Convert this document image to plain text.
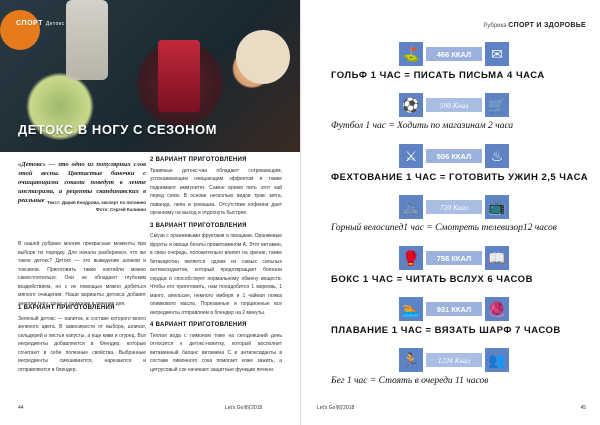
СПОРТ Детокс
ДЕТОКС В НОГУ С СЕЗОНОМ
«Детокс» — это одно из популярных слов этой весны. Цветастые баночки с очищающими соками поведут в ленте инстаграма, а рецепты скандинавских в реальные Текст: Дария Кондрова, эксперт по питанию
Фото: Сергей Калинин
В нашей рубрике многие прекрасные моменты при выборе по порядку. Для начала разберемся, что же такое детокс? Детокс — это выведение шлаков и токсинов. Приготовить такие коктейли можно самостоятельно. Они не обладают глубоким воздействием, но с их помощью можно добиться мягкого очищения. Наши варианты детокса добавят энергии телу, тонус и гармонии в течение дня.
1 ВАРИАНТ ПРИГОТОВЛЕНИЯ

Зеленый детокс — напиток, в составе которого много зеленого цвета. В зависимости от выбора, шпинат, сельдерей и листья капусты, а еще киви и огурец. Все ингредиенты добавляются в блендер, которые сочетают в себе полезные свойства. Выбранные ингредиенты смешиваются, нарезаются и отправляются в блендер.

2 ВАРИАНТ ПРИГОТОВЛЕНИЯ

Травяные детокс-чаи обладают согревающим, успокаивающим очищающим эффектом и также поднимают иммунитет. Самое время пить этот чай перед сном. В основе несколько видов трав: мята, лаванда, липа и ромашка. Отсутствие кофеина дает организму на выход и отдохнуть быстрее.

3 ВАРИАНТ ПРИГОТОВЛЕНИЯ

Смузи с оранжевыми фруктами и овощами. Оранжевые фрукты и овощи богаты провитамином А. Этот витамин, в свою очередь, положительно влияет на зрение, также бетакаротин является одним из самых сильных антиоксидантов, который предотвращает болезни сердца и способствует нормальному обмену веществ. Чтобы его приготовить, нам понадобится 1 морковь, 1 манго, апельсин, немного имбиря и 1 чайная ложка оливкового масла. Порезанные и порционные все ингредиенты отправляем в блендер на 2 минуты.

4 ВАРИАНТ ПРИГОТОВЛЕНИЯ

Теплая вода с лимоном тоже на сегодняшний день относится к детокс-напитку, который восполнит витаминный баланс витамина С и антиоксиданты в составе лимонного сока помогает коже зажить, а цитрусовый сок начинает защитные функции печени.

44	Let's Go!|6|'2018
Рубрика СПОРТ И ЗДОРОВЬЕ
⛳	466 ККАЛ	✉
ГОЛЬФ 1 ЧАС = ПИСАТЬ ПИСЬМА 4 ЧАСА
⚽	590 Ккал	🛒
Футбол 1 час = Ходить по магазинам 2 часа
⚔	506 ККАЛ	♨
ФЕХТОВАНИЕ 1 ЧАС = ГОТОВИТЬ УЖИН 2,5 ЧАСА
🚲	720 Ккал	📺
Горный велосипед1 час = Смотреть телевизор12 часов
🥊	758 ККАЛ	📖
БОКС 1 ЧАС = ЧИТАТЬ ВСЛУХ 6 ЧАСОВ
🏊	931 ККАЛ	🧶
ПЛАВАНИЕ 1 ЧАС = ВЯЗАТЬ ШАРФ 7 ЧАСОВ
🏃	1224 Ккал	👥
Бег 1 час = Стоять в очереди 11 часов
Let's Go!|6|'2018	45
